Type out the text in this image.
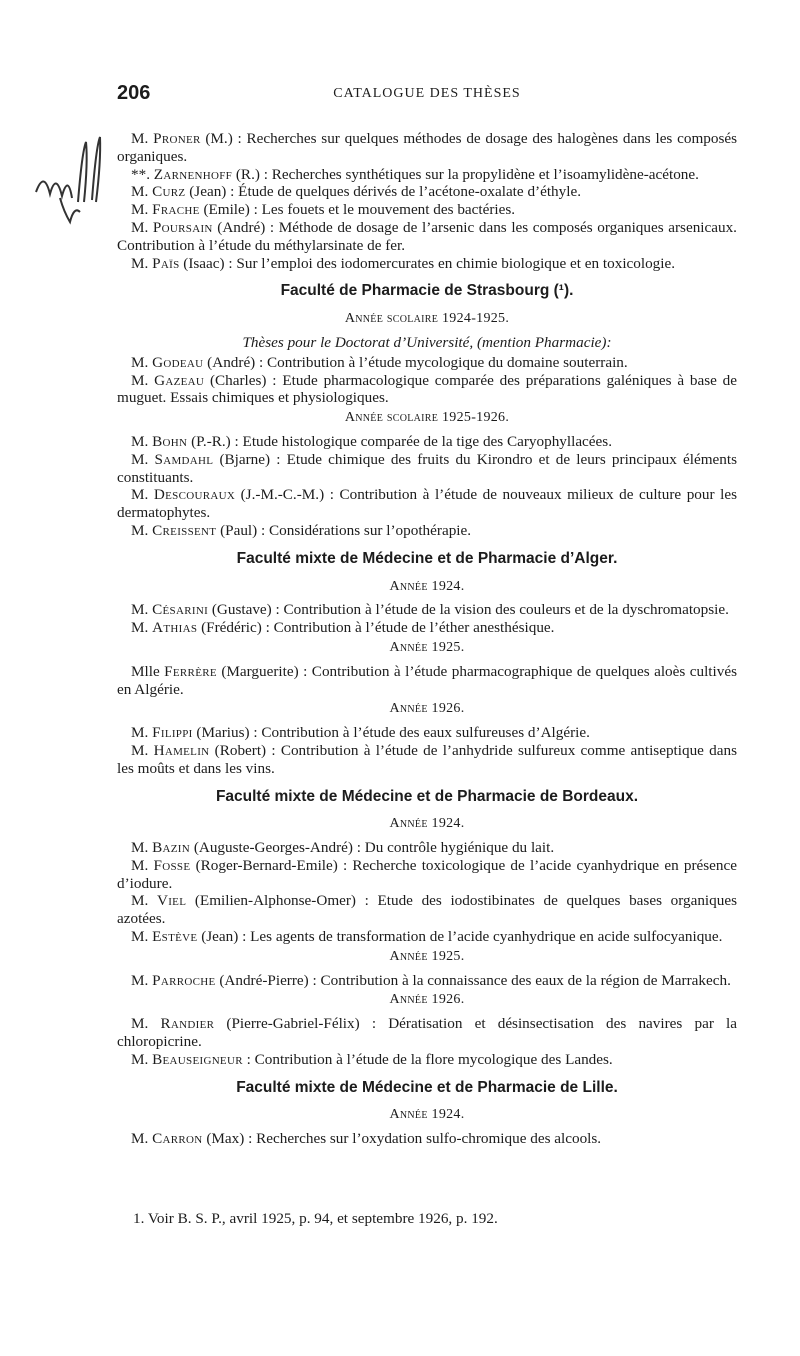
206	CATALOGUE DES THÈSES

M. Proner (M.) : Recherches sur quelques méthodes de dosage des halogènes dans les composés organiques.

**. Zarnenhoff (R.) : Recherches synthétiques sur la propylidène et l’isoamylidène-acétone.

M. Curz (Jean) : Étude de quelques dérivés de l’acétone-oxalate d’éthyle.

M. Frache (Emile) : Les fouets et le mouvement des bactéries.

M. Poursain (André) : Méthode de dosage de l’arsenic dans les composés organiques arsenicaux. Contribution à l’étude du méthylarsinate de fer.

M. Païs (Isaac) : Sur l’emploi des iodomercurates en chimie biologique et en toxicologie.

Faculté de Pharmacie de Strasbourg (¹).
Année scolaire 1924-1925.
Thèses pour le Doctorat d’Université, (mention Pharmacie):

M. Godeau (André) : Contribution à l’étude mycologique du domaine souterrain.

M. Gazeau (Charles) : Etude pharmacologique comparée des préparations galéniques à base de muguet. Essais chimiques et physiologiques.

Année scolaire 1925-1926.

M. Bohn (P.-R.) : Etude histologique comparée de la tige des Caryophyllacées.

M. Samdahl (Bjarne) : Etude chimique des fruits du Kirondro et de leurs principaux éléments constituants.

M. Descourаux (J.-M.-C.-M.) : Contribution à l’étude de nouveaux milieux de culture pour les dermatophytes.

M. Creissent (Paul) : Considérations sur l’opothérapie.

Faculté mixte de Médecine et de Pharmacie d’Alger.
Année 1924.

M. Césarini (Gustave) : Contribution à l’étude de la vision des couleurs et de la dyschromatopsie.

M. Athias (Frédéric) : Contribution à l’étude de l’éther anesthésique.

Année 1925.

Mlle Ferrère (Marguerite) : Contribution à l’étude pharmacographique de quelques aloès cultivés en Algérie.

Année 1926.

M. Filippi (Marius) : Contribution à l’étude des eaux sulfureuses d’Algérie.

M. Hamelin (Robert) : Contribution à l’étude de l’anhydride sulfureux comme antiseptique dans les moûts et dans les vins.

Faculté mixte de Médecine et de Pharmacie de Bordeaux.
Année 1924.

M. Bazin (Auguste-Georges-André) : Du contrôle hygiénique du lait.

M. Fosse (Roger-Bernard-Emile) : Recherche toxicologique de l’acide cyanhydrique en présence d’iodure.

M. Viel (Emilien-Alphonse-Omer) : Etude des iodostibinates de quelques bases organiques azotées.

M. Estève (Jean) : Les agents de transformation de l’acide cyanhydrique en acide sulfocyanique.

Année 1925.

M. Parroche (André-Pierre) : Contribution à la connaissance des eaux de la région de Marrakech.

Année 1926.

M. Randier (Pierre-Gabriel-Félix) : Dératisation et désinsectisation des navires par la chloropicrine.

M. Beauseigneur : Contribution à l’étude de la flore mycologique des Landes.

Faculté mixte de Médecine et de Pharmacie de Lille.
Année 1924.

M. Carron (Max) : Recherches sur l’oxydation sulfo-chromique des alcools.

1. Voir B. S. P., avril 1925, p. 94, et septembre 1926, p. 192.
